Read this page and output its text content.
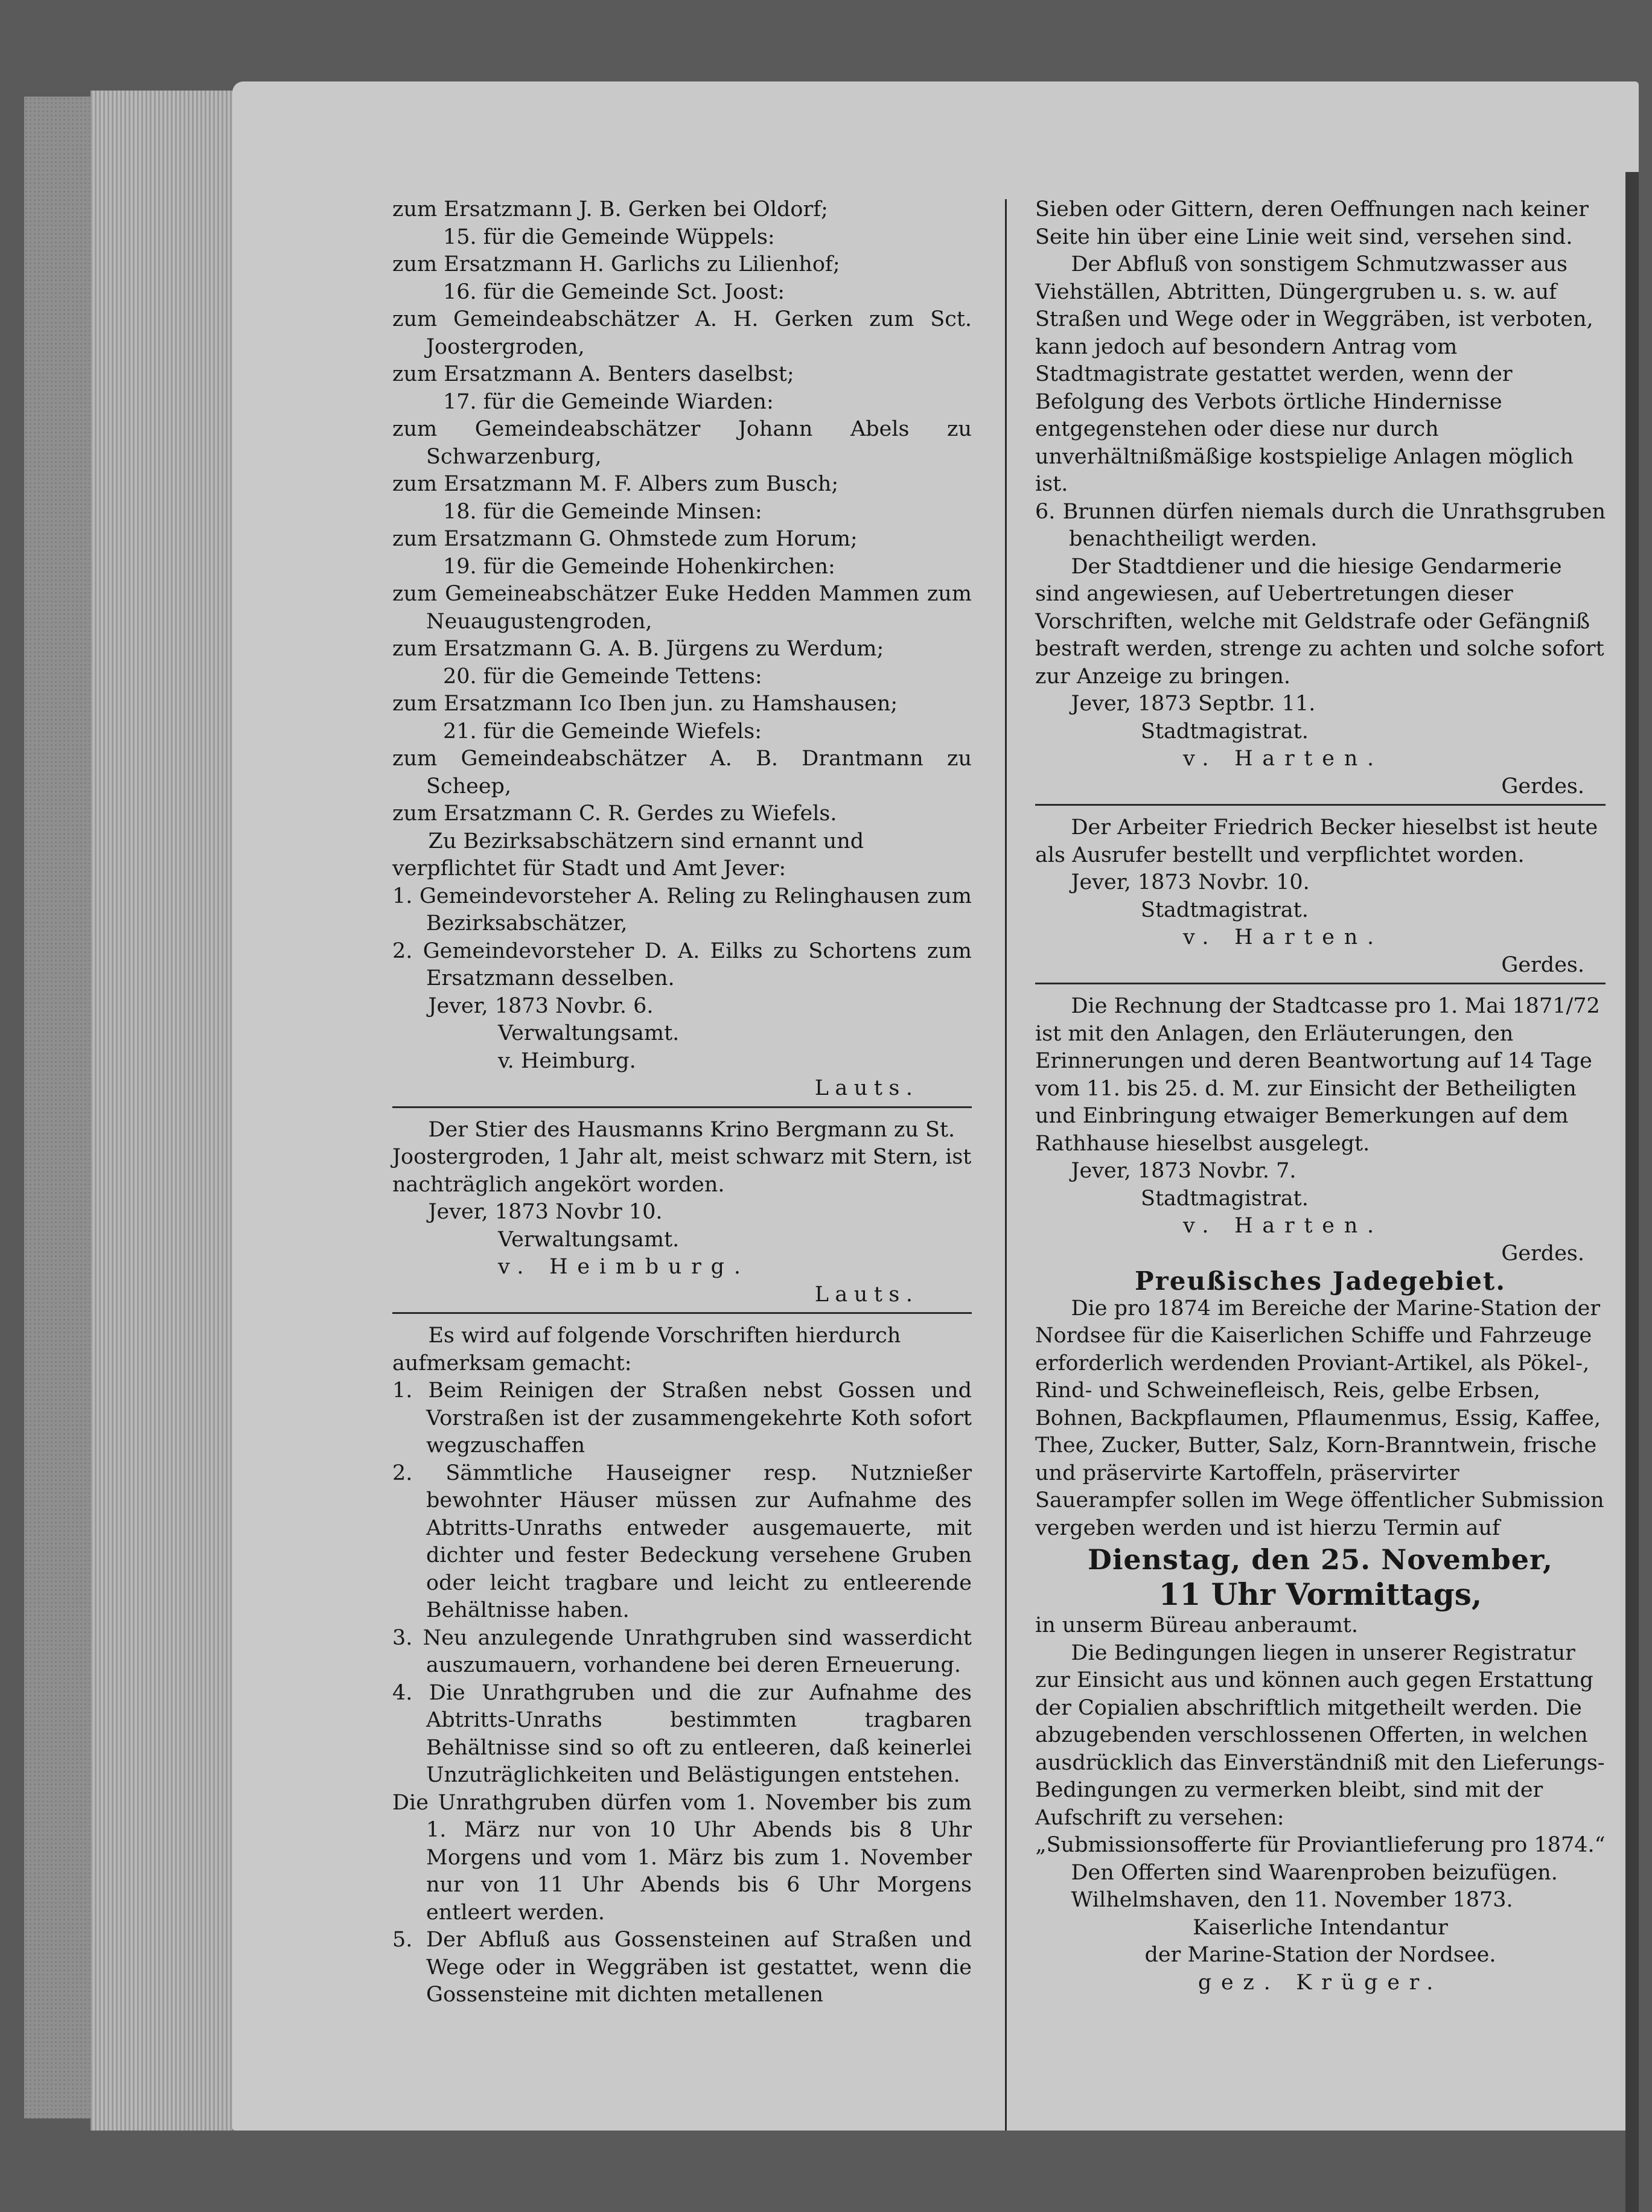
zum Ersatzmann J. B. Gerken bei Oldorf;

15. für die Gemeinde Wüppels:

zum Ersatzmann H. Garlichs zu Lilienhof;

16. für die Gemeinde Sct. Joost:

zum Gemeindeabschätzer A. H. Gerken zum Sct. Joostergroden,

zum Ersatzmann A. Benters daselbst;

17. für die Gemeinde Wiarden:

zum Gemeindeabschätzer Johann Abels zu Schwarzenburg,

zum Ersatzmann M. F. Albers zum Busch;

18. für die Gemeinde Minsen:

zum Ersatzmann G. Ohmstede zum Horum;

19. für die Gemeinde Hohenkirchen:

zum Gemeineabschätzer Euke Hedden Mammen zum Neuaugustengroden,

zum Ersatzmann G. A. B. Jürgens zu Werdum;

20. für die Gemeinde Tettens:

zum Ersatzmann Ico Iben jun. zu Hamshausen;

21. für die Gemeinde Wiefels:

zum Gemeindeabschätzer A. B. Drantmann zu Scheep,

zum Ersatzmann C. R. Gerdes zu Wiefels.

Zu Bezirksabschätzern sind ernannt und verpflichtet für Stadt und Amt Jever:

1. Gemeindevorsteher A. Reling zu Relinghausen zum Bezirksabschätzer,

2. Gemeindevorsteher D. A. Eilks zu Schortens zum Ersatzmann desselben.

Jever, 1873 Novbr. 6.

Verwaltungsamt.

v. Heimburg.

Lauts.

Der Stier des Hausmanns Krino Bergmann zu St. Joostergroden, 1 Jahr alt, meist schwarz mit Stern, ist nachträglich angekört worden.

Jever, 1873 Novbr 10.

Verwaltungsamt.

v. Heimburg.

Lauts.

Es wird auf folgende Vorschriften hierdurch aufmerksam gemacht:

1. Beim Reinigen der Straßen nebst Gossen und Vorstraßen ist der zusammengekehrte Koth sofort wegzuschaffen

2. Sämmtliche Hauseigner resp. Nutznießer bewohnter Häuser müssen zur Aufnahme des Abtritts-Unraths entweder ausgemauerte, mit dichter und fester Bedeckung versehene Gruben oder leicht tragbare und leicht zu entleerende Behältnisse haben.

3. Neu anzulegende Unrathgruben sind wasserdicht auszumauern, vorhandene bei deren Erneuerung.

4. Die Unrathgruben und die zur Aufnahme des Abtritts-Unraths bestimmten tragbaren Behältnisse sind so oft zu entleeren, daß keinerlei Unzuträglichkeiten und Belästigungen entstehen.

Die Unrathgruben dürfen vom 1. November bis zum 1. März nur von 10 Uhr Abends bis 8 Uhr Morgens und vom 1. März bis zum 1. November nur von 11 Uhr Abends bis 6 Uhr Morgens entleert werden.

5. Der Abfluß aus Gossensteinen auf Straßen und Wege oder in Weggräben ist gestattet, wenn die Gossensteine mit dichten metallenen

Sieben oder Gittern, deren Oeffnungen nach keiner Seite hin über eine Linie weit sind, versehen sind.

Der Abfluß von sonstigem Schmutzwasser aus Viehställen, Abtritten, Düngergruben u. s. w. auf Straßen und Wege oder in Weggräben, ist verboten, kann jedoch auf besondern Antrag vom Stadtmagistrate gestattet werden, wenn der Befolgung des Verbots örtliche Hindernisse entgegenstehen oder diese nur durch unverhältnißmäßige kostspielige Anlagen möglich ist.

6. Brunnen dürfen niemals durch die Unrathsgruben benachtheiligt werden.

Der Stadtdiener und die hiesige Gendarmerie sind angewiesen, auf Uebertretungen dieser Vorschriften, welche mit Geldstrafe oder Gefängniß bestraft werden, strenge zu achten und solche sofort zur Anzeige zu bringen.

Jever, 1873 Septbr. 11.

Stadtmagistrat.

v. Harten.

Gerdes.

Der Arbeiter Friedrich Becker hieselbst ist heute als Ausrufer bestellt und verpflichtet worden.

Jever, 1873 Novbr. 10.

Stadtmagistrat.

v. Harten.

Gerdes.

Die Rechnung der Stadtcasse pro 1. Mai 1871/72 ist mit den Anlagen, den Erläuterungen, den Erinnerungen und deren Beantwortung auf 14 Tage vom 11. bis 25. d. M. zur Einsicht der Betheiligten und Einbringung etwaiger Bemerkungen auf dem Rathhause hieselbst ausgelegt.

Jever, 1873 Novbr. 7.

Stadtmagistrat.

v. Harten.

Gerdes.

Preußisches Jadegebiet.

Die pro 1874 im Bereiche der Marine-Station der Nordsee für die Kaiserlichen Schiffe und Fahrzeuge erforderlich werdenden Proviant-Artikel, als Pökel-, Rind- und Schweinefleisch, Reis, gelbe Erbsen, Bohnen, Backpflaumen, Pflaumenmus, Essig, Kaffee, Thee, Zucker, Butter, Salz, Korn-Branntwein, frische und präservirte Kartoffeln, präservirter Sauerampfer sollen im Wege öffentlicher Submission vergeben werden und ist hierzu Termin auf

Dienstag, den 25. November,

11 Uhr Vormittags,

in unserm Büreau anberaumt.

Die Bedingungen liegen in unserer Registratur zur Einsicht aus und können auch gegen Erstattung der Copialien abschriftlich mitgetheilt werden. Die abzugebenden verschlossenen Offerten, in welchen ausdrücklich das Einverständniß mit den Lieferungs-Bedingungen zu vermerken bleibt, sind mit der Aufschrift zu versehen:

„Submissionsofferte für Proviantlieferung pro 1874.“

Den Offerten sind Waarenproben beizufügen.

Wilhelmshaven, den 11. November 1873.

Kaiserliche Intendantur

der Marine-Station der Nordsee.

gez. Krüger.
